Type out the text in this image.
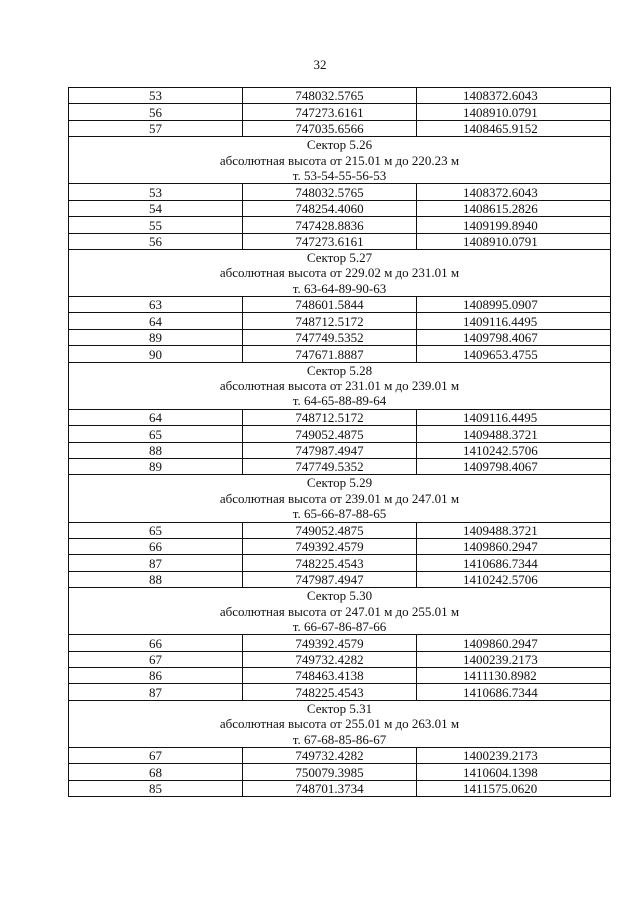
32
53	748032.5765	1408372.6043
56	747273.6161	1408910.0791
57	747035.6566	1408465.9152

Сектор 5.26
абсолютная высота от 215.01 м до 220.23 м
т. 53-54-55-56-53		

53	748032.5765	1408372.6043
54	748254.4060	1408615.2826
55	747428.8836	1409199.8940
56	747273.6161	1408910.0791

Сектор 5.27
абсолютная высота от 229.02 м до 231.01 м
т. 63-64-89-90-63		

63	748601.5844	1408995.0907
64	748712.5172	1409116.4495
89	747749.5352	1409798.4067
90	747671.8887	1409653.4755

Сектор 5.28
абсолютная высота от 231.01 м до 239.01 м
т. 64-65-88-89-64		

64	748712.5172	1409116.4495
65	749052.4875	1409488.3721
88	747987.4947	1410242.5706
89	747749.5352	1409798.4067

Сектор 5.29
абсолютная высота от 239.01 м до 247.01 м
т. 65-66-87-88-65		

65	749052.4875	1409488.3721
66	749392.4579	1409860.2947
87	748225.4543	1410686.7344
88	747987.4947	1410242.5706

Сектор 5.30
абсолютная высота от 247.01 м до 255.01 м
т. 66-67-86-87-66		

66	749392.4579	1409860.2947
67	749732.4282	1400239.2173
86	748463.4138	1411130.8982
87	748225.4543	1410686.7344

Сектор 5.31
абсолютная высота от 255.01 м до 263.01 м
т. 67-68-85-86-67		

67	749732.4282	1400239.2173
68	750079.3985	1410604.1398
85	748701.3734	1411575.0620
